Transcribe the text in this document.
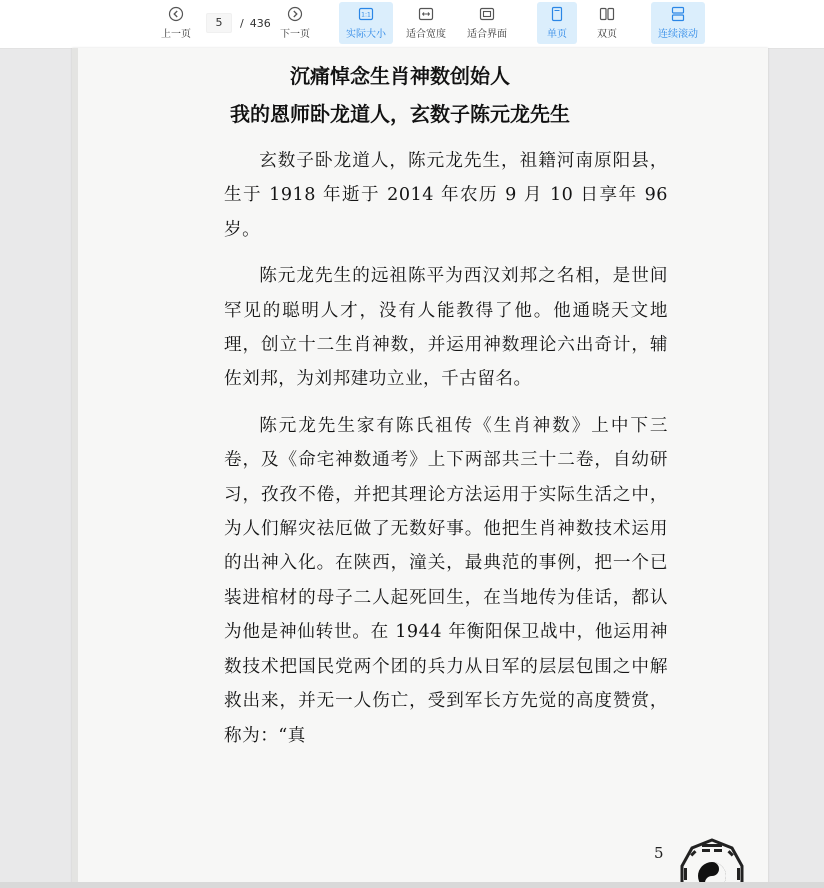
上一页
5	/ 436
下一页
1:1
实际大小 适合宽度 适合界面	单页	双页	连续滚动
沉痛悼念生肖神数创始人
我的恩师卧龙道人，玄数子陈元龙先生

玄数子卧龙道人，陈元龙先生，祖籍河南原阳县，生于 1918 年逝于 2014 年农历 9 月 10 日享年 96 岁。

陈元龙先生的远祖陈平为西汉刘邦之名相，是世间罕见的聪明人才，没有人能教得了他。他通晓天文地理，创立十二生肖神数，并运用神数理论六出奇计，辅佐刘邦，为刘邦建功立业，千古留名。

陈元龙先生家有陈氏祖传《生肖神数》上中下三卷，及《命宅神数通考》上下两部共三十二卷，自幼研习，孜孜不倦，并把其理论方法运用于实际生活之中，为人们解灾祛厄做了无数好事。他把生肖神数技术运用的出神入化。在陕西，潼关，最典范的事例，把一个已装进棺材的母子二人起死回生，在当地传为佳话，都认为他是神仙转世。在 1944 年衡阳保卫战中，他运用神数技术把国民党两个团的兵力从日军的层层包围之中解救出来，并无一人伤亡，受到军长方先觉的高度赞赏，称为：“真

5
